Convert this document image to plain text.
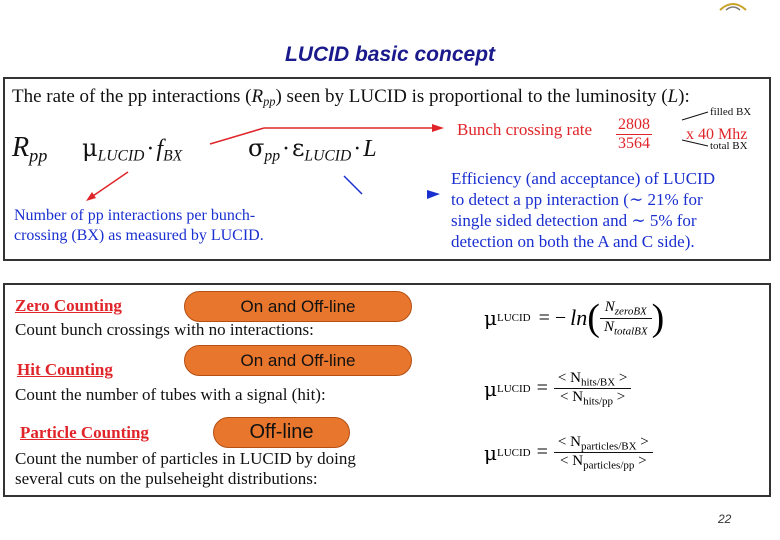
LUCID basic concept
The rate of the pp interactions $(R_{pp})$ seen by LUCID is proportional to the luminosity (L):
$R_{pp}$ $\mu_{LUCID}\cdot f_{BX}$	$\sigma_{pp}\cdot\varepsilon_{LUCID}\cdot L$
Bunch crossing rate 2808
3564
x 40 Mhz
filled BX
total BX
Efficiency (and acceptance) of LUCID
to detect a pp interaction (∼ 21% for
single sided detection and ∼ 5% for
detection on both the A and C side).
Number of pp interactions per bunch-
crossing (BX) as measured by LUCID.
Zero Counting	On and Off-line
Count bunch crossings with no interactions:	μ LUCID = − ln ( $\frac{N_{zeroBX}}{N_{totalBX}}$ )
Hit Counting	On and Off-line
Count the number of tubes with a signal (hit):	μ LUCID = $\frac{< N_{hits/BX} >}{< N_{hits/pp} >}$
Particle Counting	Off-line
Count the number of particles in LUCID by doing
several cuts on the pulseheight distributions:
μ LUCID = $\frac{< N_{particles/BX} >}{< N_{particles/pp} >}$
22
